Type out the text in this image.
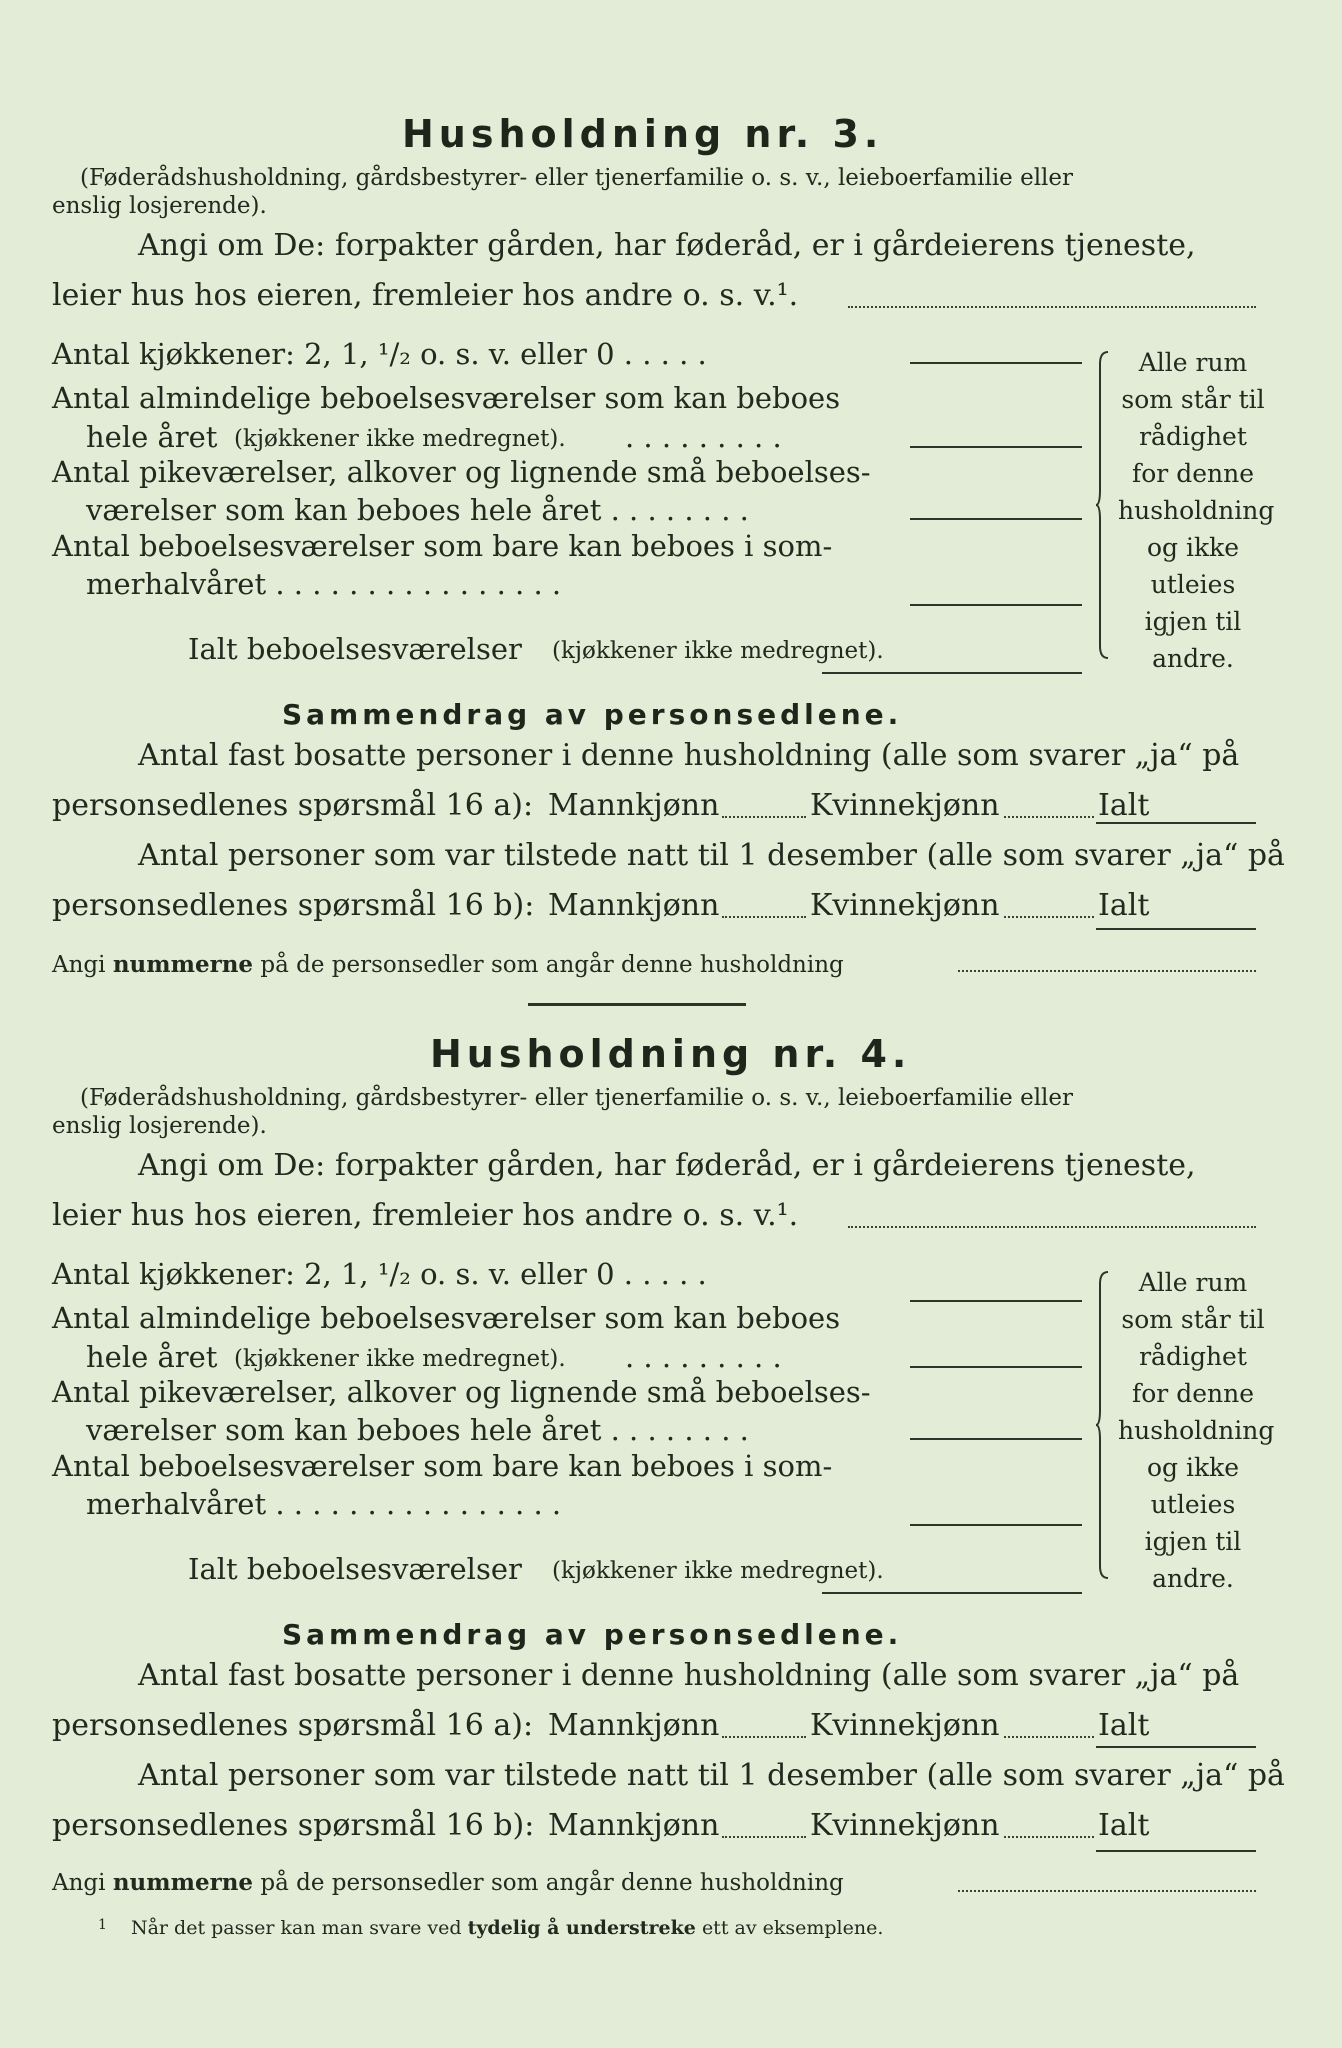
Husholdning nr. 3.
(Føderådshusholdning, gårdsbestyrer- eller tjenerfamilie o. s. v., leieboerfamilie eller
enslig losjerende).
Angi om De: forpakter gården, har føderåd, er i gårdeierens tjeneste,
leier hus hos eieren, fremleier hos andre o. s. v.¹.
Antal kjøkkener: 2, 1, ¹/₂ o. s. v. eller 0 . . . . .
Antal almindelige beboelsesværelser som kan beboes
hele året (kjøkkener ikke medregnet). . . . . . . . . .
Antal pikeværelser, alkover og lignende små beboelses-
værelser som kan beboes hele året . . . . . . . .
Antal beboelsesværelser som bare kan beboes i som-
merhalvåret . . . . . . . . . . . . . . . .
Ialt beboelsesværelser (kjøkkener ikke medregnet).
Alle rum som står til rådighet for denne husholdning og ikke utleies igjen til andre.
Sammendrag av personsedlene.
Antal fast bosatte personer i denne husholdning (alle som svarer „ja“ på
personsedlenes spørsmål 16 a): Mannkjønn	Kvinnekjønn	Ialt
Antal personer som var tilstede natt til 1 desember (alle som svarer „ja“ på
personsedlenes spørsmål 16 b): Mannkjønn	Kvinnekjønn	Ialt
Angi nummerne på de personsedler som angår denne husholdning
Husholdning nr. 4.
(Føderådshusholdning, gårdsbestyrer- eller tjenerfamilie o. s. v., leieboerfamilie eller
enslig losjerende).
Angi om De: forpakter gården, har føderåd, er i gårdeierens tjeneste,
leier hus hos eieren, fremleier hos andre o. s. v.¹.
Antal kjøkkener: 2, 1, ¹/₂ o. s. v. eller 0 . . . . .
Antal almindelige beboelsesværelser som kan beboes
hele året (kjøkkener ikke medregnet). . . . . . . . . .
Antal pikeværelser, alkover og lignende små beboelses-
værelser som kan beboes hele året . . . . . . . .
Antal beboelsesværelser som bare kan beboes i som-
merhalvåret . . . . . . . . . . . . . . . .
Ialt beboelsesværelser (kjøkkener ikke medregnet).
Alle rum som står til rådighet for denne husholdning og ikke utleies igjen til andre.
Sammendrag av personsedlene.
Antal fast bosatte personer i denne husholdning (alle som svarer „ja“ på
personsedlenes spørsmål 16 a): Mannkjønn	Kvinnekjønn	Ialt
Antal personer som var tilstede natt til 1 desember (alle som svarer „ja“ på
personsedlenes spørsmål 16 b): Mannkjønn	Kvinnekjønn	Ialt
Angi nummerne på de personsedler som angår denne husholdning
$^1$ Når det passer kan man svare ved tydelig å understreke ett av eksemplene.
